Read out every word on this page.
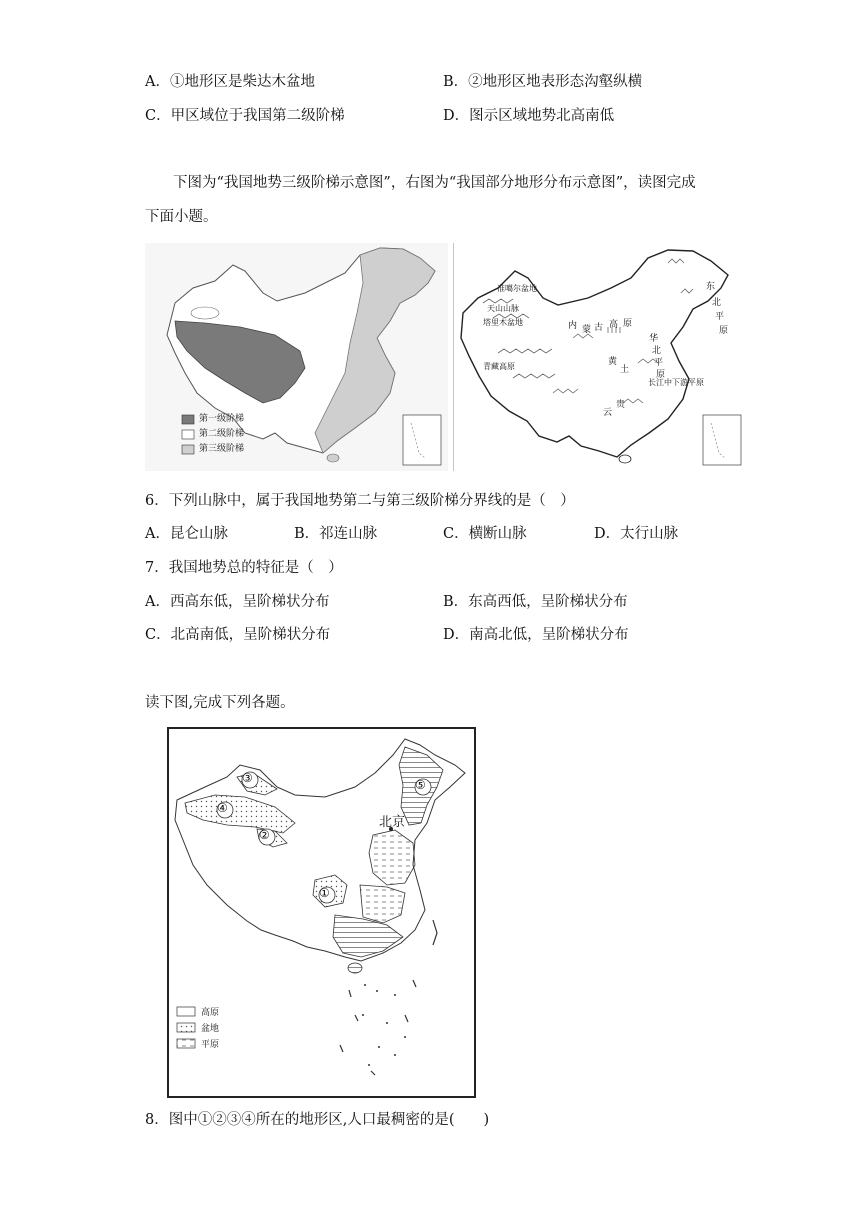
A．①地形区是柴达木盆地	B．②地形区地表形态沟壑纵横
C．甲区域位于我国第二级阶梯	D．图示区域地势北高南低
下图为“我国地势三级阶梯示意图”，右图为“我国部分地形分布示意图”，读图完成
下面小题。
第一级阶梯
第二级阶梯
第三级阶梯
准噶尔盆地
天山山脉
塔里木盆地	内 蒙 古 高 原
东
北
平
原
华
北
平
原
黄
土
青藏高原
长江中下游平原
云
贵
6．下列山脉中，属于我国地势第二与第三级阶梯分界线的是（　）
A．昆仑山脉	B．祁连山脉	C．横断山脉	D．太行山脉
7．我国地势总的特征是（　）
A．西高东低，呈阶梯状分布	B．东高西低，呈阶梯状分布
C．北高南低，呈阶梯状分布	D．南高北低，呈阶梯状分布
读下图,完成下列各题。
①
②
③
④
⑤
北京
高原
盆地
平原
8．图中①②③④所在的地形区,人口最稠密的是(　　)
